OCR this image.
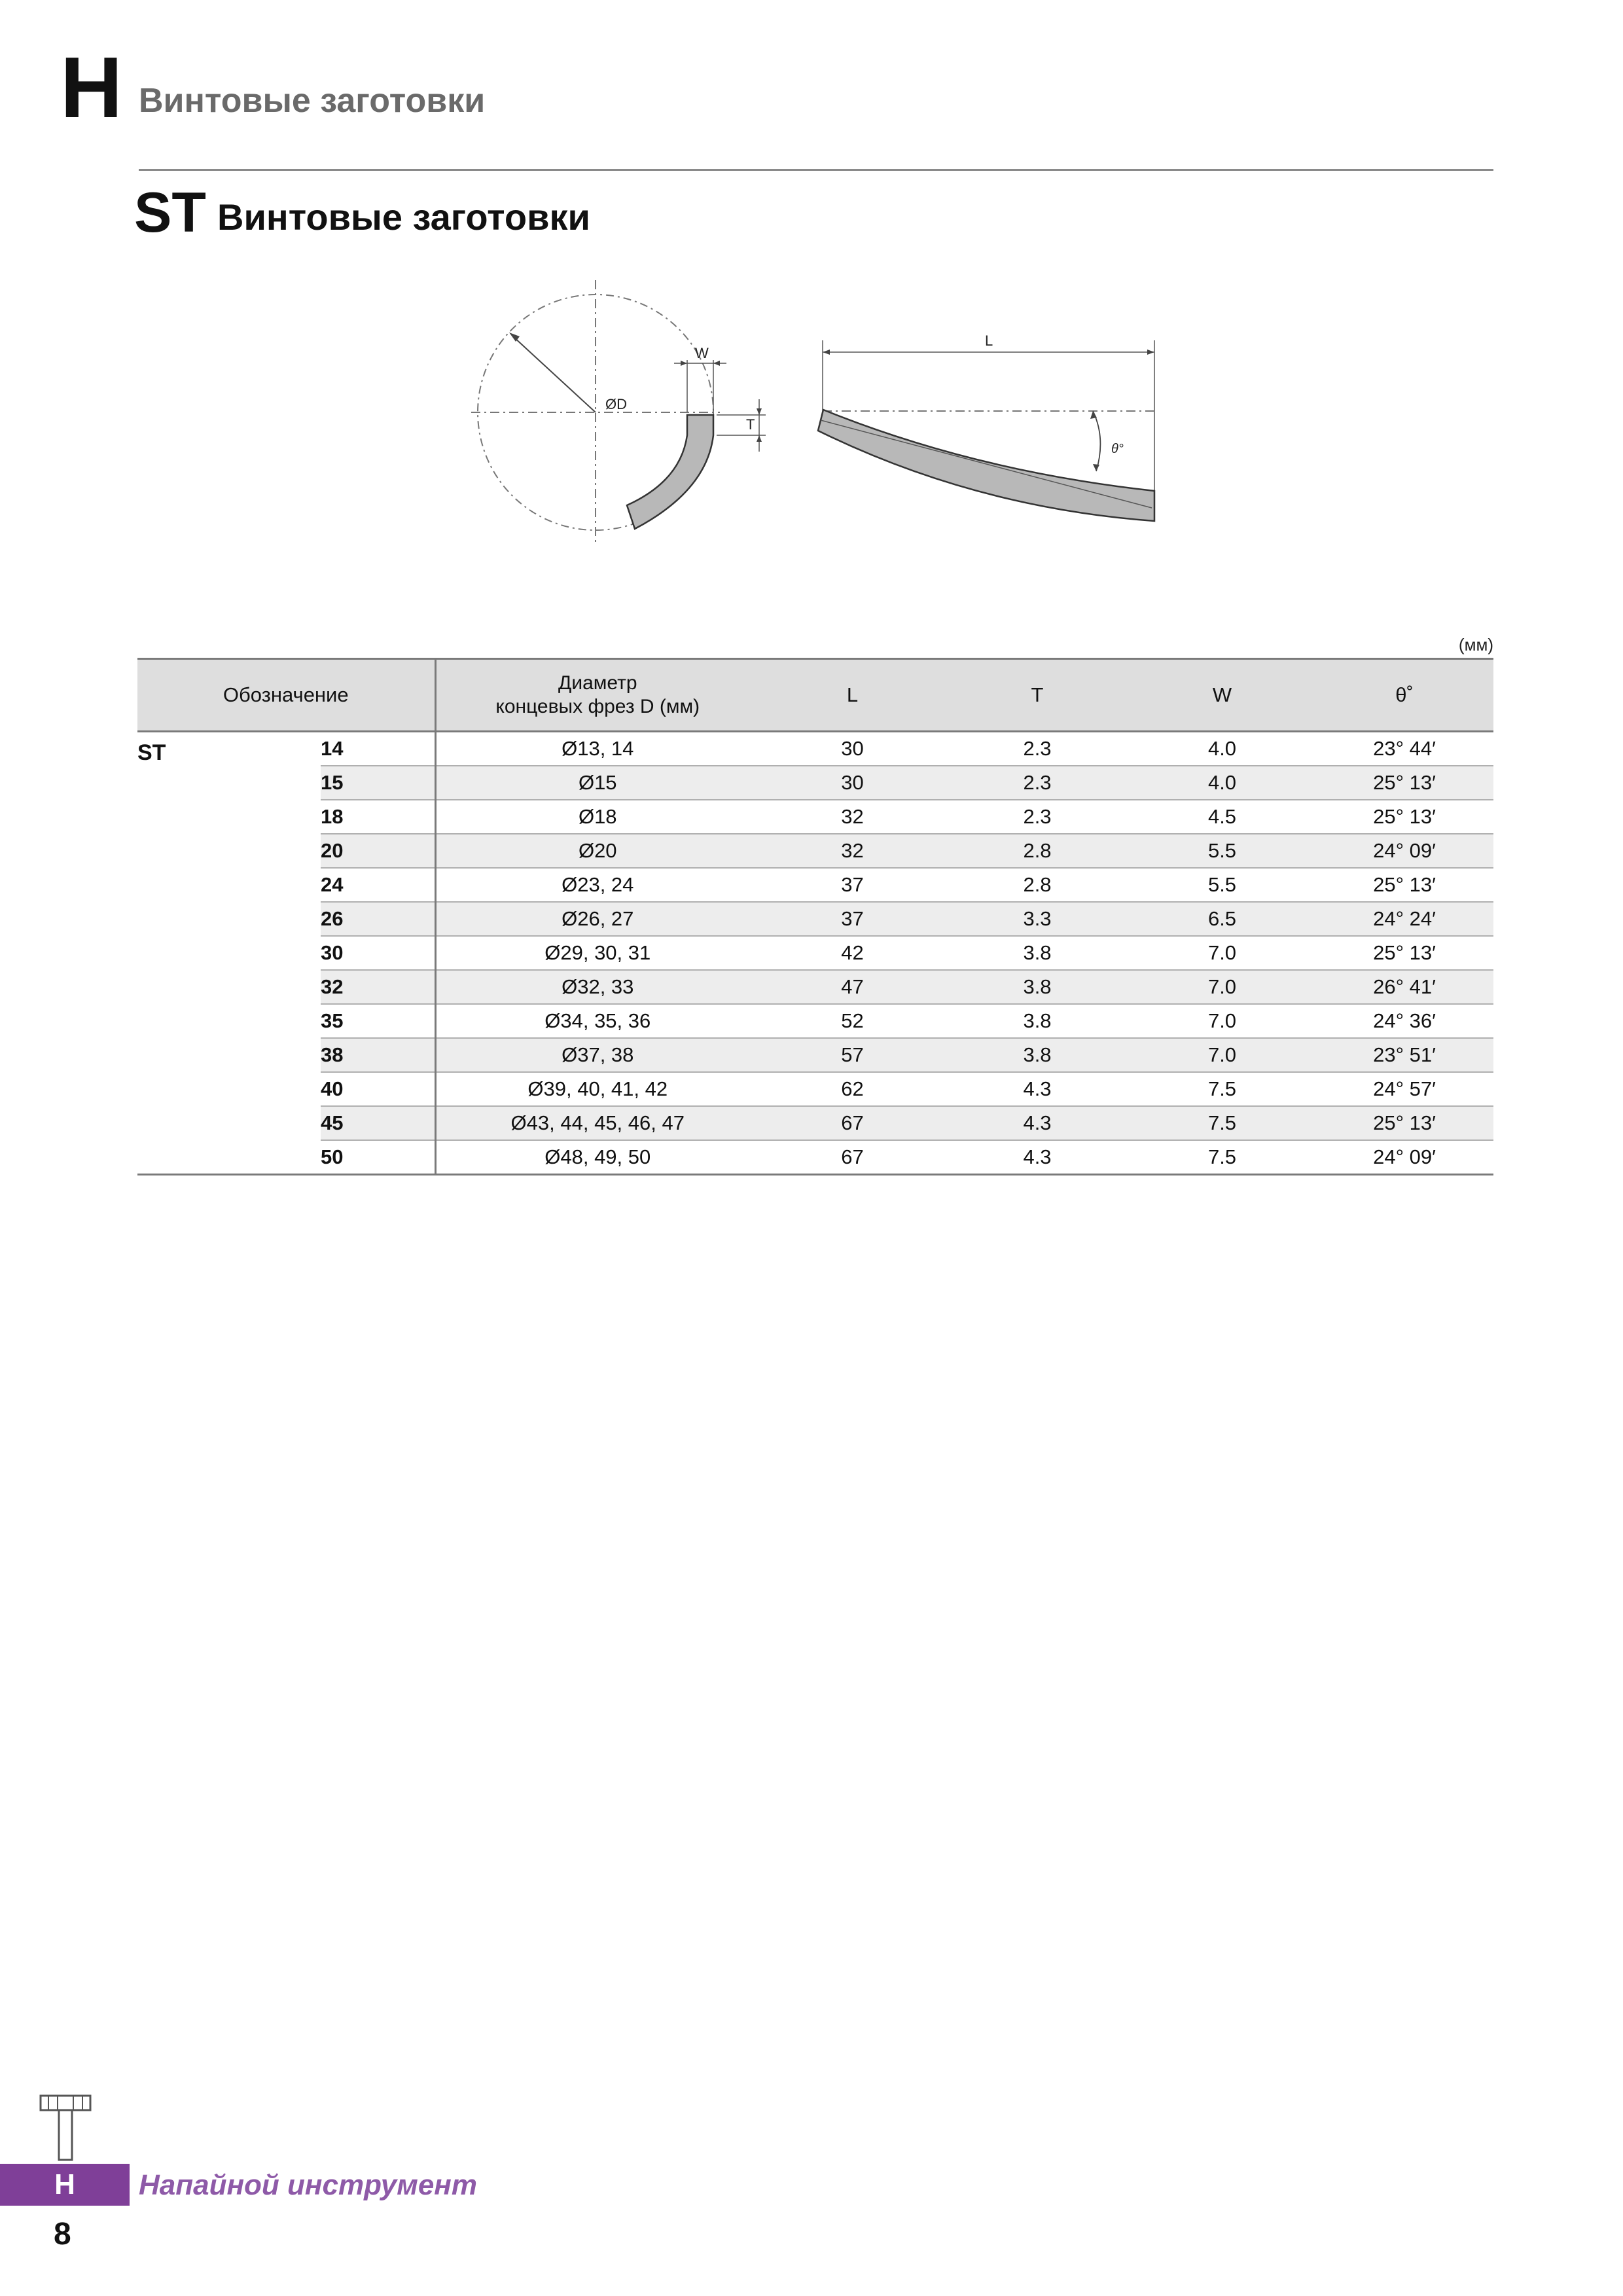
H Винтовые заготовки
ST Винтовые заготовки
ØD
W
T
L
θ°
(мм)
Обозначение		Диаметр
концевых фрез D (мм)	L	T	W	θ˚
ST	14	Ø13, 14	30	2.3	4.0	23° 44′
	15	Ø15	30	2.3	4.0	25° 13′
	18	Ø18	32	2.3	4.5	25° 13′
	20	Ø20	32	2.8	5.5	24° 09′
	24	Ø23, 24	37	2.8	5.5	25° 13′
	26	Ø26, 27	37	3.3	6.5	24° 24′
	30	Ø29, 30, 31	42	3.8	7.0	25° 13′
	32	Ø32, 33	47	3.8	7.0	26° 41′
	35	Ø34, 35, 36	52	3.8	7.0	24° 36′
	38	Ø37, 38	57	3.8	7.0	23° 51′
	40	Ø39, 40, 41, 42	62	4.3	7.5	24° 57′
	45	Ø43, 44, 45, 46, 47	67	4.3	7.5	25° 13′
	50	Ø48, 49, 50	67	4.3	7.5	24° 09′
H	Напайной инструмент
8
